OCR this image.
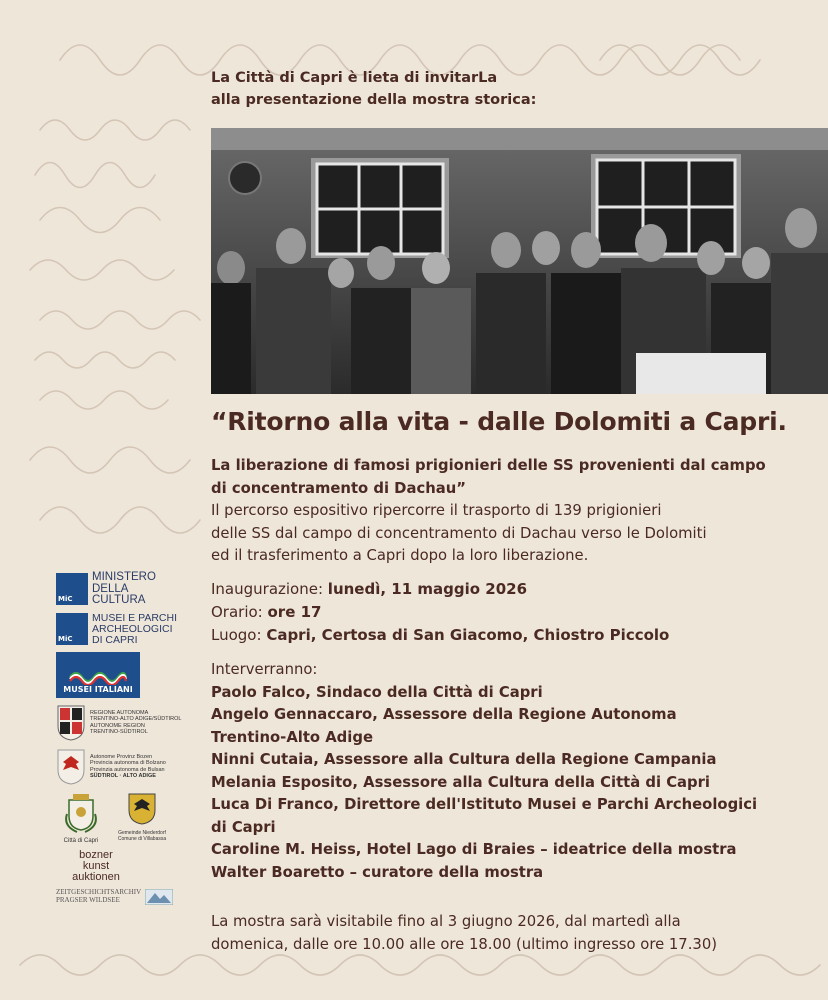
La Città di Capri è lieta di invitarLa
alla presentazione della mostra storica:
“Ritorno alla vita - dalle Dolomiti a Capri.
La liberazione di famosi prigionieri delle SS provenienti dal campo
di concentramento di Dachau”
Il percorso espositivo ripercorre il trasporto di 139 prigionieri
delle SS dal campo di concentramento di Dachau verso le Dolomiti
ed il trasferimento a Capri dopo la loro liberazione.
Inaugurazione: lunedì, 11 maggio 2026
Orario: ore 17
Luogo: Capri, Certosa di San Giacomo, Chiostro Piccolo
Interverranno:
Paolo Falco, Sindaco della Città di Capri
Angelo Gennaccaro, Assessore della Regione Autonoma
Trentino-Alto Adige
Ninni Cutaia, Assessore alla Cultura della Regione Campania
Melania Esposito, Assessore alla Cultura della Città di Capri
Luca Di Franco, Direttore dell'Istituto Musei e Parchi Archeologici
di Capri
Caroline M. Heiss, Hotel Lago di Braies – ideatrice della mostra
Walter Boaretto – curatore della mostra
La mostra sarà visitabile fino al 3 giugno 2026, dal martedì alla
domenica, dalle ore 10.00 alle ore 18.00 (ultimo ingresso ore 17.30)
MiC
MINISTERO
DELLA
CULTURA
MiC
MUSEI E PARCHI
ARCHEOLOGICI
DI CAPRI
MUSEI ITALIANI
REGIONE AUTONOMA
TRENTINO-ALTO ADIGE/SÜDTIROL
AUTONOME REGION
TRENTINO-SÜDTIROL
Autonome Provinz Bozen
Provincia autonoma di Bolzano
Provinzia autonoma de Bulsan
SÜDTIROL · ALTO ADIGE
Città di Capri
Gemeinde Niederdorf
Comune di Villabassa
bozner
kunst
auktionen
ZEITGESCHICHTSARCHIV
PRAGSER WILDSEE
